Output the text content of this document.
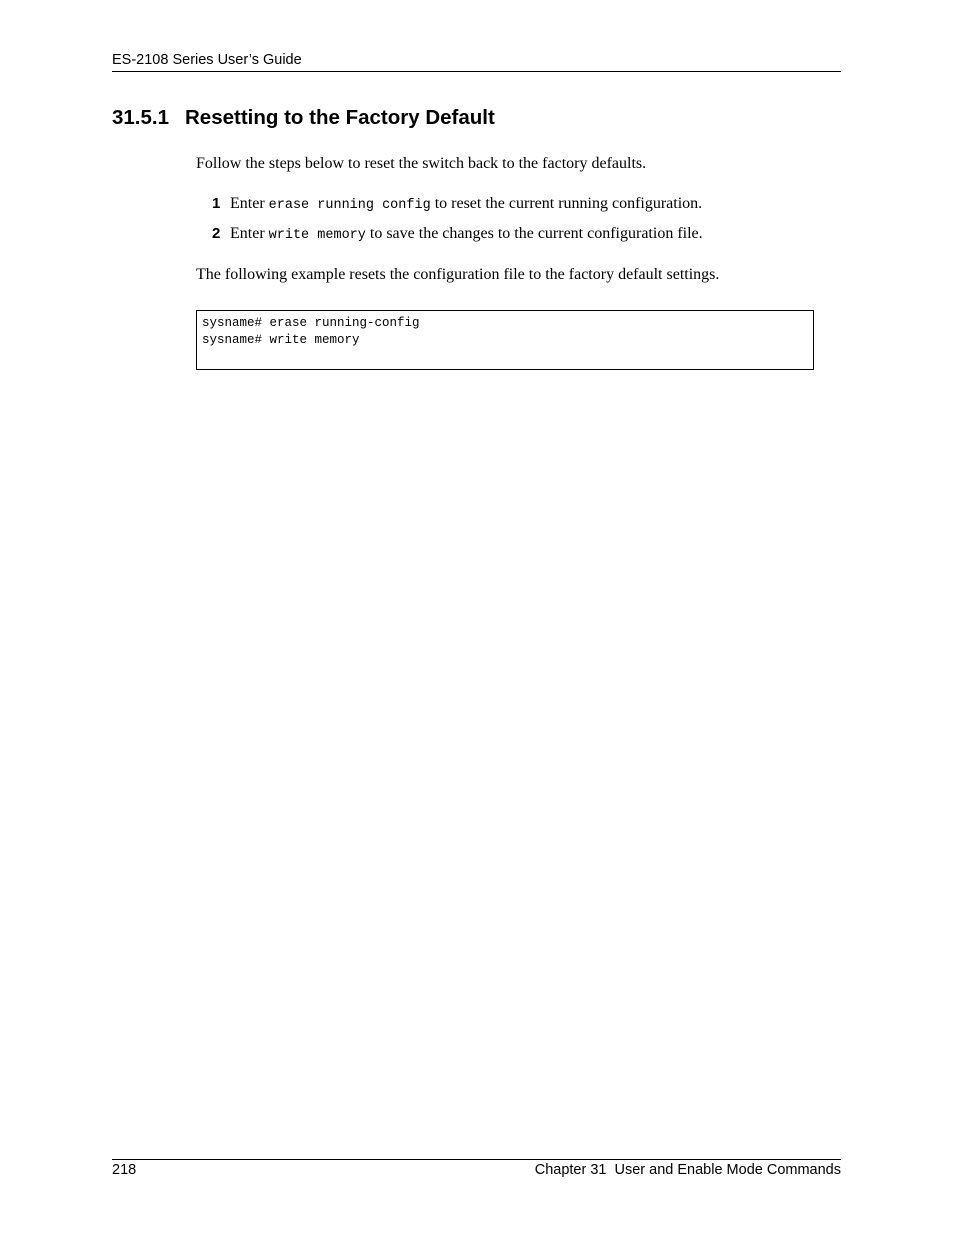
ES-2108 Series User’s Guide
31.5.1 Resetting to the Factory Default

Follow the steps below to reset the switch back to the factory defaults.

1 Enter erase running config to reset the current running configuration.

2 Enter write memory to save the changes to the current configuration file.

The following example resets the configuration file to the factory default settings.

sysname# erase running-config
sysname# write memory
218	Chapter 31  User and Enable Mode Commands
